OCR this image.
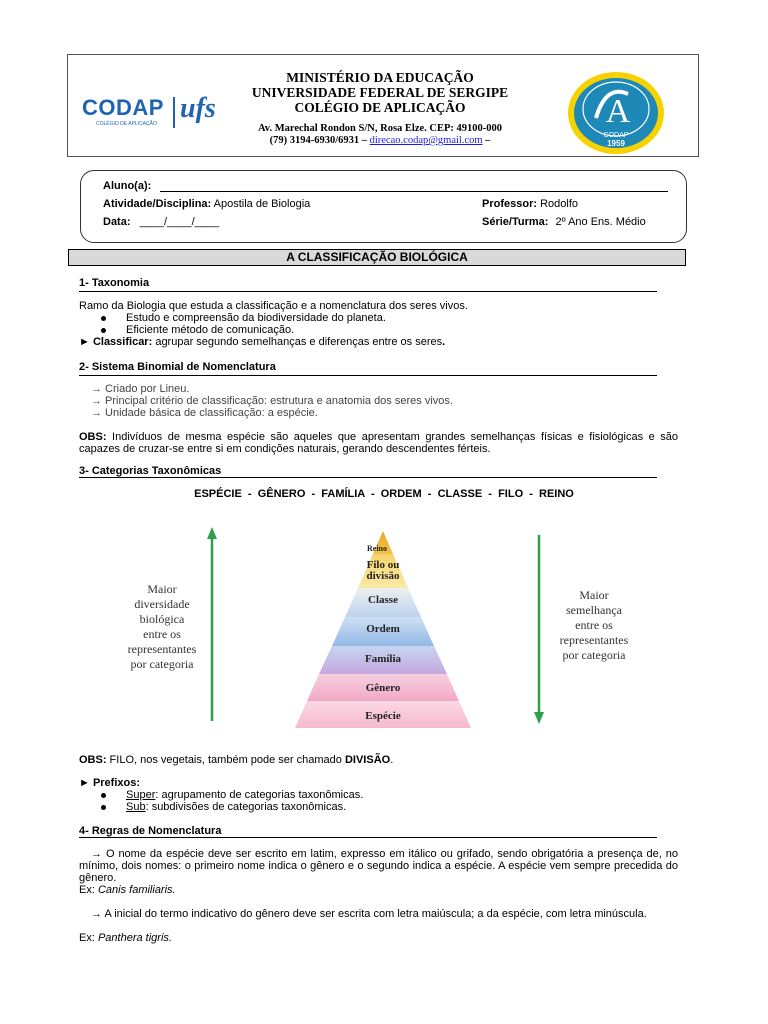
CODAP
COLÉGIO DE APLICAÇÃO ufs
MINISTÉRIO DA EDUCAÇÃO
UNIVERSIDADE FEDERAL DE SERGIPE
COLÉGIO DE APLICAÇÃO
Av. Marechal Rondon S/N, Rosa Elze. CEP: 49100-000
(79) 3194-6930/6931 – direcao.codap@gmail.com –
A
CODAP
1959
Aluno(a):
Atividade/Disciplina: Apostila de Biologia	Professor: Rodolfo
Data: ____/____/____	Série/Turma: 2º Ano Ens. Médio
A CLASSIFICAÇÃO BIOLÓGICA
1- Taxonomia
Ramo da Biologia que estuda a classificação e a nomenclatura dos seres vivos.
Estudo e compreensão da biodiversidade do planeta.
Eficiente método de comunicação.
► Classificar: agrupar segundo semelhanças e diferenças entre os seres.
2- Sistema Binomial de Nomenclatura
→ Criado por Lineu.
→ Principal critério de classificação: estrutura e anatomia dos seres vivos.
→ Unidade básica de classificação: a espécie.
OBS: Indivíduos de mesma espécie são aqueles que apresentam grandes semelhanças físicas e fisiológicas e são capazes de cruzar-se entre si em condições naturais, gerando descendentes férteis.
3- Categorias Taxonômicas
ESPÉCIE  -  GÊNERO  -  FAMÍLIA  -  ORDEM  -  CLASSE  -  FILO  -  REINO
Maior
diversidade
biológica
entre os
representantes
por categoria
Maior
semelhança
entre os
representantes
por categoria
Reino
Filo ou
divisão
Classe
Ordem
Família
Gênero
Espécie
OBS: FILO, nos vegetais, também pode ser chamado DIVISÃO.
► Prefixos:
Super: agrupamento de categorias taxonômicas.
Sub: subdivisões de categorias taxonômicas.
4- Regras de Nomenclatura
→ O nome da espécie deve ser escrito em latim, expresso em itálico ou grifado, sendo obrigatória a presença de, no mínimo, dois nomes: o primeiro nome indica o gênero e o segundo indica a espécie. A espécie vem sempre precedida do gênero.
Ex: Canis familiaris.
→ A inicial do termo indicativo do gênero deve ser escrita com letra maiúscula; a da espécie, com letra minúscula.
Ex: Panthera tigris.
